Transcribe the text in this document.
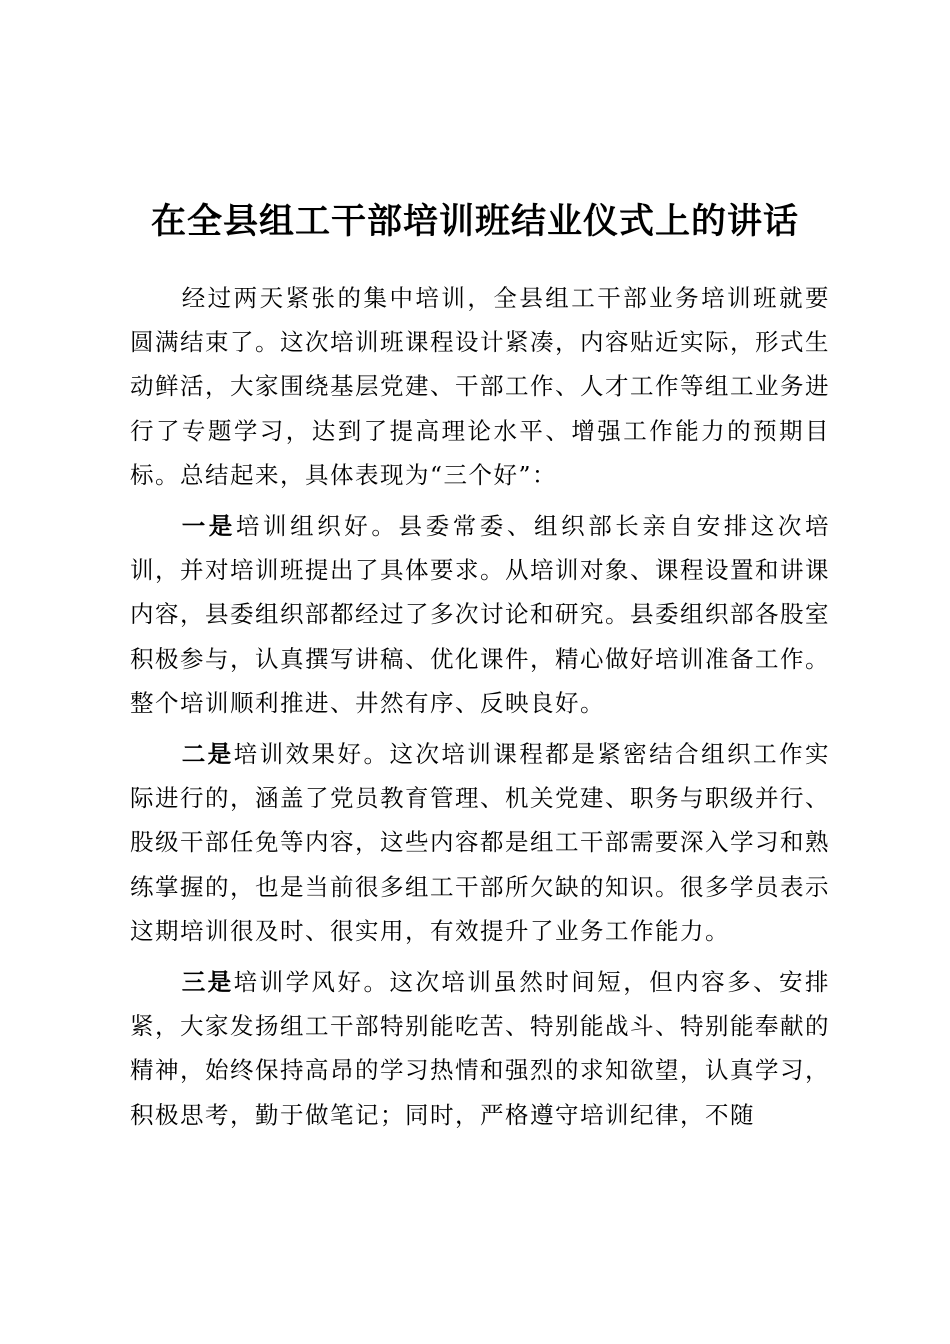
在全县组工干部培训班结业仪式上的讲话

经过两天紧张的集中培训，全县组工干部业务培训班就要圆满结束了。这次培训班课程设计紧凑，内容贴近实际，形式生动鲜活，大家围绕基层党建、干部工作、人才工作等组工业务进行了专题学习，达到了提高理论水平、增强工作能力的预期目标。总结起来，具体表现为“三个好”：

一是培训组织好。县委常委、组织部长亲自安排这次培训，并对培训班提出了具体要求。从培训对象、课程设置和讲课内容，县委组织部都经过了多次讨论和研究。县委组织部各股室积极参与，认真撰写讲稿、优化课件，精心做好培训准备工作。整个培训顺利推进、井然有序、反映良好。

二是培训效果好。这次培训课程都是紧密结合组织工作实际进行的，涵盖了党员教育管理、机关党建、职务与职级并行、股级干部任免等内容，这些内容都是组工干部需要深入学习和熟练掌握的，也是当前很多组工干部所欠缺的知识。很多学员表示这期培训很及时、很实用，有效提升了业务工作能力。

三是培训学风好。这次培训虽然时间短，但内容多、安排紧，大家发扬组工干部特别能吃苦、特别能战斗、特别能奉献的精神，始终保持高昂的学习热情和强烈的求知欲望，认真学习，积极思考，勤于做笔记；同时，严格遵守培训纪律，不随
